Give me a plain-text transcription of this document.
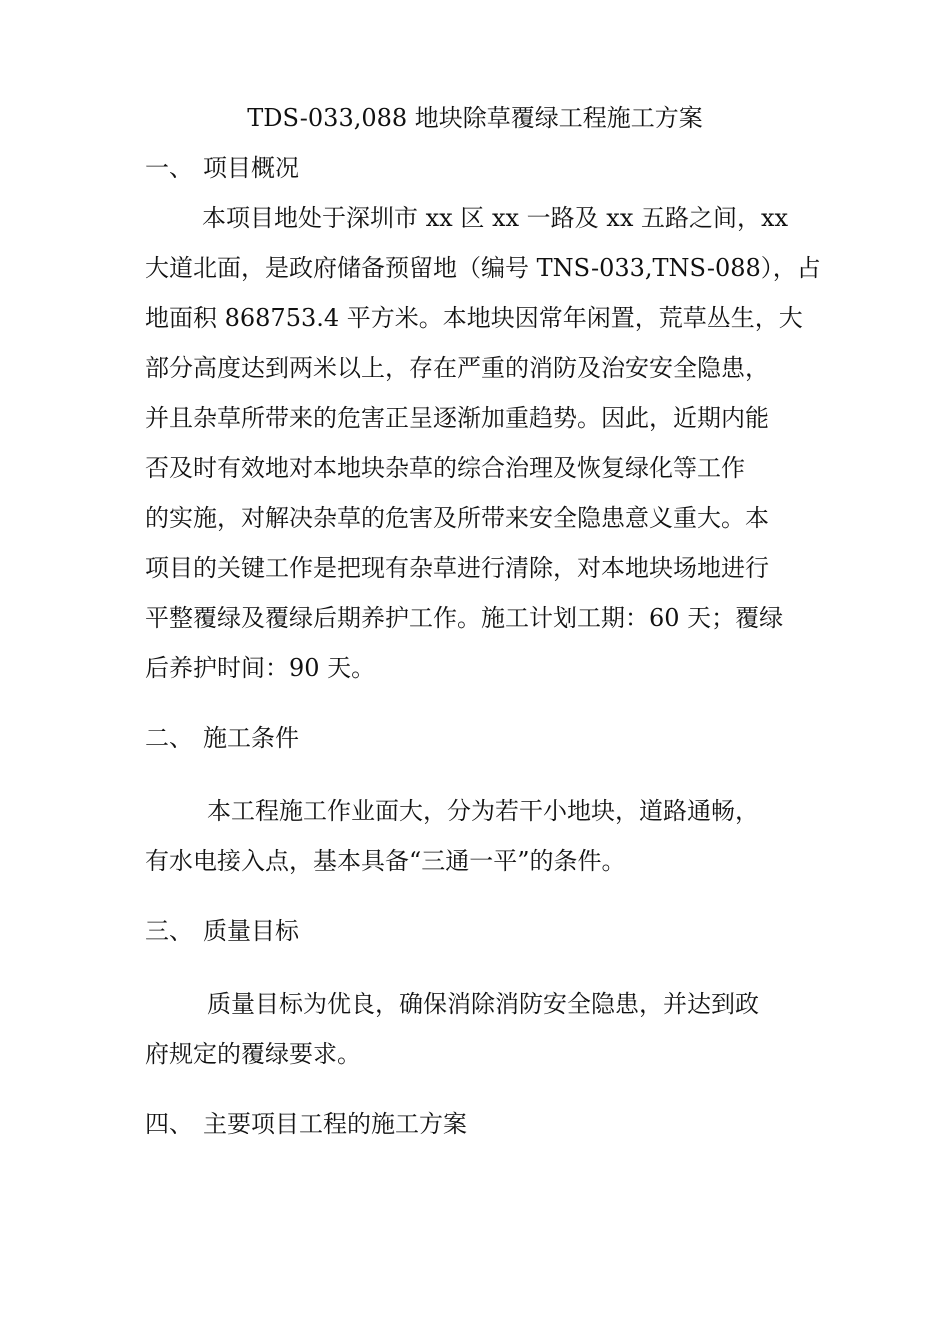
TDS-033,088 地块除草覆绿工程施工方案
一、 项目概况
本项目地处于深圳市 xx 区 xx 一路及 xx 五路之间，xx
大道北面，是政府储备预留地（编号 TNS-033,TNS-088），占
地面积 868753.4 平方米。本地块因常年闲置，荒草丛生，大
部分高度达到两米以上，存在严重的消防及治安安全隐患，
并且杂草所带来的危害正呈逐渐加重趋势。因此，近期内能
否及时有效地对本地块杂草的综合治理及恢复绿化等工作
的实施，对解决杂草的危害及所带来安全隐患意义重大。本
项目的关键工作是把现有杂草进行清除，对本地块场地进行
平整覆绿及覆绿后期养护工作。施工计划工期：60 天；覆绿
后养护时间：90 天。
二、 施工条件
本工程施工作业面大，分为若干小地块，道路通畅，
有水电接入点，基本具备“三通一平”的条件。
三、 质量目标
质量目标为优良，确保消除消防安全隐患，并达到政
府规定的覆绿要求。
四、 主要项目工程的施工方案
